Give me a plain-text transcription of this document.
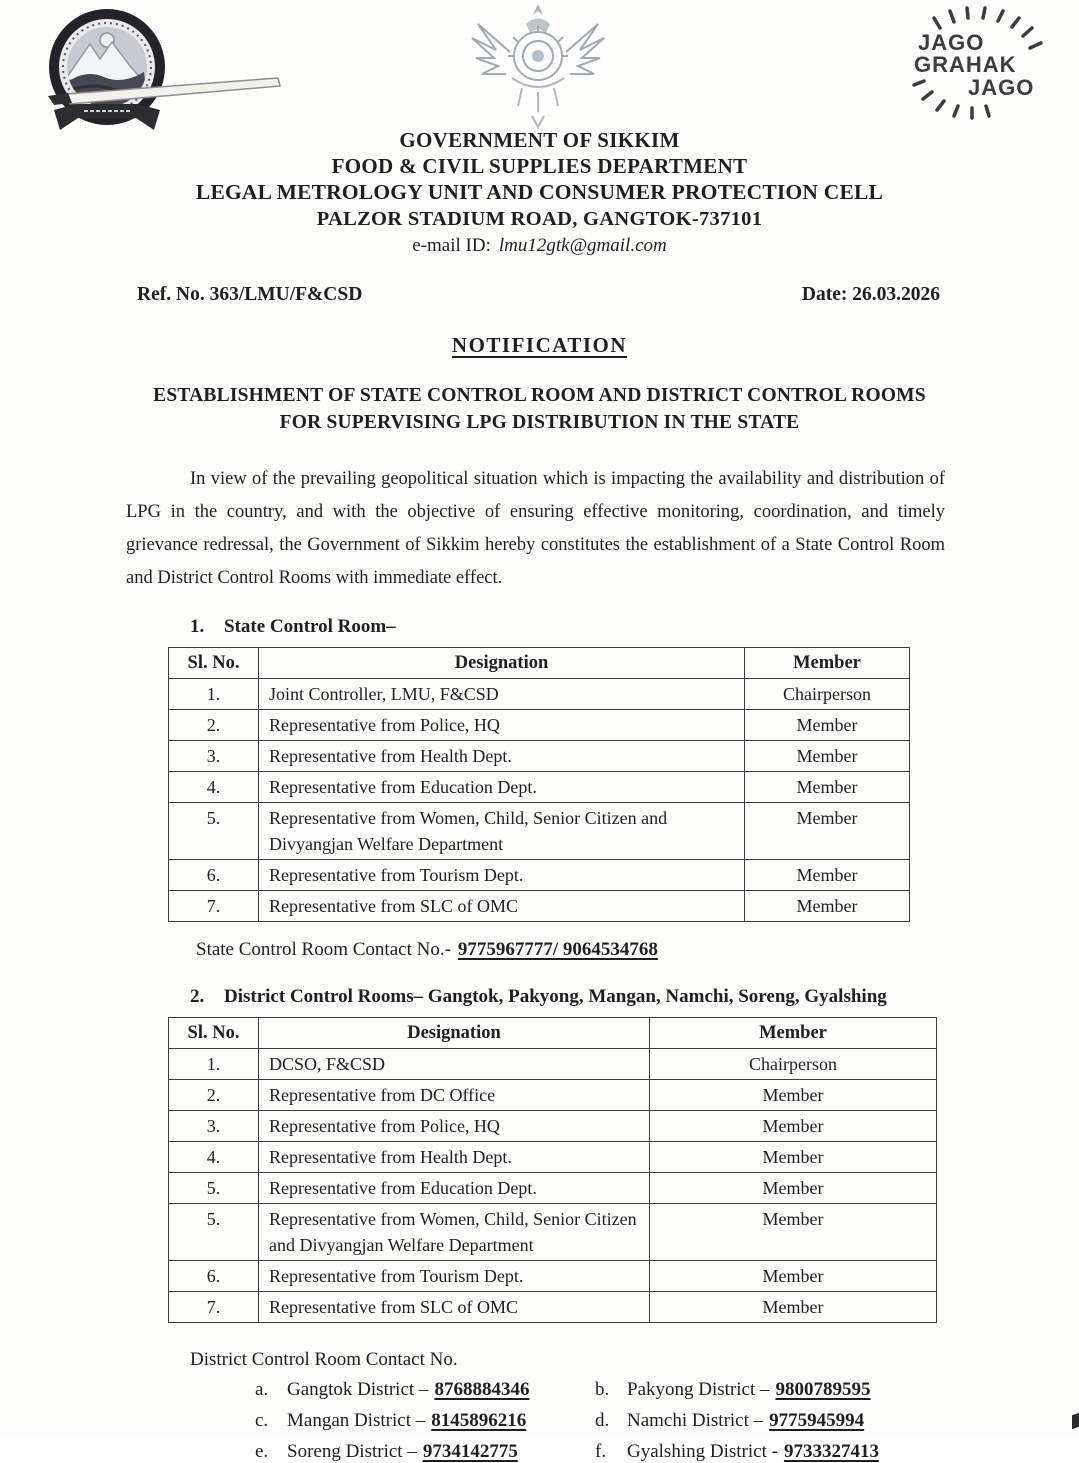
JAGO
GRAHAK
JAGO
GOVERNMENT OF SIKKIM
FOOD & CIVIL SUPPLIES DEPARTMENT
LEGAL METROLOGY UNIT AND CONSUMER PROTECTION CELL
PALZOR STADIUM ROAD, GANGTOK-737101
e-mail ID: lmu12gtk@gmail.com
Ref. No. 363/LMU/F&CSD	Date: 26.03.2026
NOTIFICATION
ESTABLISHMENT OF STATE CONTROL ROOM AND DISTRICT CONTROL ROOMS
FOR SUPERVISING LPG DISTRIBUTION IN THE STATE

In view of the prevailing geopolitical situation which is impacting the availability and distribution of LPG in the country, and with the objective of ensuring effective monitoring, coordination, and timely grievance redressal, the Government of Sikkim hereby constitutes the establishment of a State Control Room and District Control Rooms with immediate effect.

1. State Control Room–
Sl. No.	Designation	Member
1.	Joint Controller, LMU, F&CSD	Chairperson
2.	Representative from Police, HQ	Member
3.	Representative from Health Dept.	Member
4.	Representative from Education Dept.	Member
5.	Representative from Women, Child, Senior Citizen and Divyangjan Welfare Department	Member
6.	Representative from Tourism Dept.	Member
7.	Representative from SLC of OMC	Member
State Control Room Contact No.- 9775967777/ 9064534768
2. District Control Rooms– Gangtok, Pakyong, Mangan, Namchi, Soreng, Gyalshing
Sl. No.	Designation	Member
1.	DCSO, F&CSD	Chairperson
2.	Representative from DC Office	Member
3.	Representative from Police, HQ	Member
4.	Representative from Health Dept.	Member
5.	Representative from Education Dept.	Member
5.	Representative from Women, Child, Senior Citizen and Divyangjan Welfare Department	Member
6.	Representative from Tourism Dept.	Member
7.	Representative from SLC of OMC	Member
District Control Room Contact No.
a. Gangtok District – 8768884346	b. Pakyong District – 9800789595
c. Mangan District – 8145896216	d. Namchi District – 9775945994
e. Soreng District – 9734142775	f. Gyalshing District - 9733327413
